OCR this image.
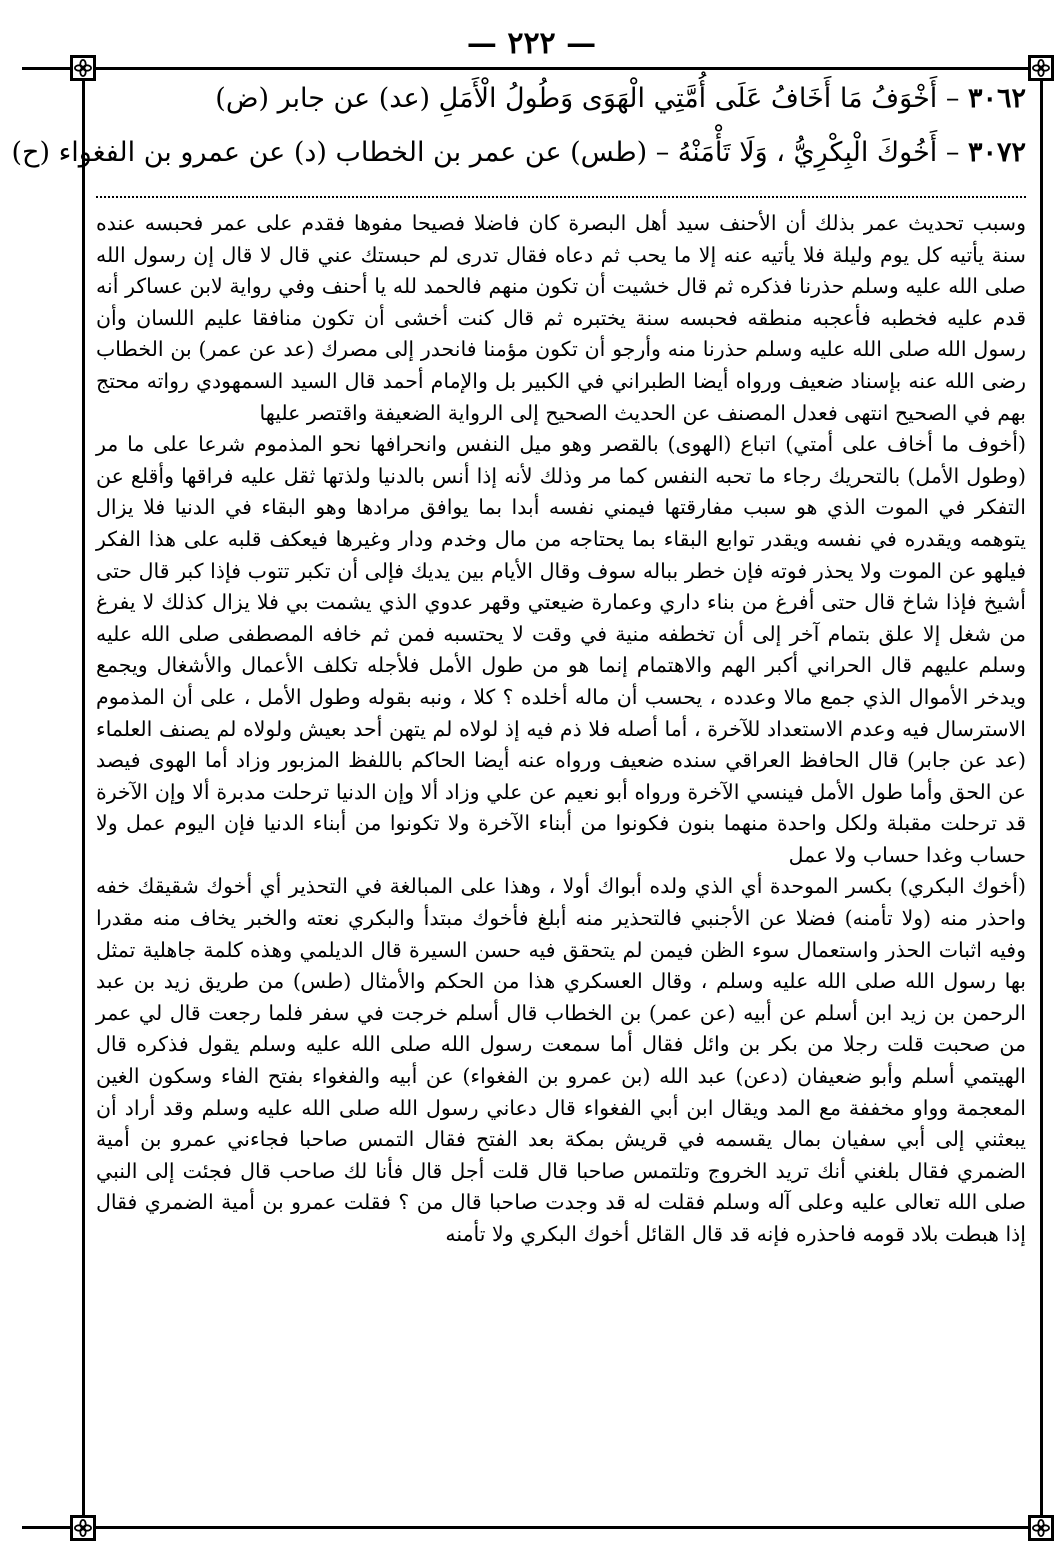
— ٢٢٢ —
٣٠٦٢ – أَخْوَفُ مَا أَخَافُ عَلَى أُمَّتِي الْهَوَى وَطُولُ الْأَمَلِ (عد) عن جابر (ض)
٣٠٧٢ – أَخُوكَ الْبِكْرِيُّ ، وَلَا تَأْمَنْهُ – (طس) عن عمر بن الخطاب (د) عن عمرو بن الفغواء (ح)

وسبب تحديث عمر بذلك أن الأحنف سيد أهل البصرة كان فاضلا فصيحا مفوها فقدم على عمر فحبسه عنده سنة يأتيه كل يوم وليلة فلا يأتيه عنه إلا ما يحب ثم دعاه فقال تدرى لم حبستك عني قال لا قال إن رسول الله صلى الله عليه وسلم حذرنا فذكره ثم قال خشيت أن تكون منهم فالحمد لله يا أحنف وفي رواية لابن عساكر أنه قدم عليه فخطبه فأعجبه منطقه فحبسه سنة يختبره ثم قال كنت أخشى أن تكون منافقا عليم اللسان وأن رسول الله صلى الله عليه وسلم حذرنا منه وأرجو أن تكون مؤمنا فانحدر إلى مصرك (عد عن عمر) بن الخطاب رضى الله عنه بإسناد ضعيف ورواه أيضا الطبراني في الكبير بل والإمام أحمد قال السيد السمهودي رواته محتج بهم في الصحيح انتهى فعدل المصنف عن الحديث الصحيح إلى الرواية الضعيفة واقتصر عليها

(أخوف ما أخاف على أمتي) اتباع (الهوى) بالقصر وهو ميل النفس وانحرافها نحو المذموم شرعا على ما مر (وطول الأمل) بالتحريك رجاء ما تحبه النفس كما مر وذلك لأنه إذا أنس بالدنيا ولذتها ثقل عليه فراقها وأقلع عن التفكر في الموت الذي هو سبب مفارقتها فيمني نفسه أبدا بما يوافق مرادها وهو البقاء في الدنيا فلا يزال يتوهمه ويقدره في نفسه ويقدر توابع البقاء بما يحتاجه من مال وخدم ودار وغيرها فيعكف قلبه على هذا الفكر فيلهو عن الموت ولا يحذر فوته فإن خطر بباله سوف وقال الأيام بين يديك فإلى أن تكبر تتوب فإذا كبر قال حتى أشيخ فإذا شاخ قال حتى أفرغ من بناء داري وعمارة ضيعتي وقهر عدوي الذي يشمت بي فلا يزال كذلك لا يفرغ من شغل إلا علق بتمام آخر إلى أن تخطفه منية في وقت لا يحتسبه فمن ثم خافه المصطفى صلى الله عليه وسلم عليهم قال الحراني أكبر الهم والاهتمام إنما هو من طول الأمل فلأجله تكلف الأعمال والأشغال ويجمع ويدخر الأموال الذي جمع مالا وعدده ، يحسب أن ماله أخلده ؟ كلا ، ونبه بقوله وطول الأمل ، على أن المذموم الاسترسال فيه وعدم الاستعداد للآخرة ، أما أصله فلا ذم فيه إذ لولاه لم يتهن أحد بعيش ولولاه لم يصنف العلماء (عد عن جابر) قال الحافظ العراقي سنده ضعيف ورواه عنه أيضا الحاكم باللفظ المزبور وزاد أما الهوى فيصد عن الحق وأما طول الأمل فينسي الآخرة ورواه أبو نعيم عن علي وزاد ألا وإن الدنيا ترحلت مدبرة ألا وإن الآخرة قد ترحلت مقبلة ولكل واحدة منهما بنون فكونوا من أبناء الآخرة ولا تكونوا من أبناء الدنيا فإن اليوم عمل ولا حساب وغدا حساب ولا عمل

(أخوك البكري) بكسر الموحدة أي الذي ولده أبواك أولا ، وهذا على المبالغة في التحذير أي أخوك شقيقك خفه واحذر منه (ولا تأمنه) فضلا عن الأجنبي فالتحذير منه أبلغ فأخوك مبتدأ والبكري نعته والخبر يخاف منه مقدرا وفيه اثبات الحذر واستعمال سوء الظن فيمن لم يتحقق فيه حسن السيرة قال الديلمي وهذه كلمة جاهلية تمثل بها رسول الله صلى الله عليه وسلم ، وقال العسكري هذا من الحكم والأمثال (طس) من طريق زيد بن عبد الرحمن بن زيد ابن أسلم عن أبيه (عن عمر) بن الخطاب قال أسلم خرجت في سفر فلما رجعت قال لي عمر من صحبت قلت رجلا من بكر بن وائل فقال أما سمعت رسول الله صلى الله عليه وسلم يقول فذكره قال الهيتمي أسلم وأبو ضعيفان (دعن) عبد الله (بن عمرو بن الفغواء) عن أبيه والفغواء بفتح الفاء وسكون الغين المعجمة وواو مخففة مع المد ويقال ابن أبي الفغواء قال دعاني رسول الله صلى الله عليه وسلم وقد أراد أن يبعثني إلى أبي سفيان بمال يقسمه في قريش بمكة بعد الفتح فقال التمس صاحبا فجاءني عمرو بن أمية الضمري فقال بلغني أنك تريد الخروج وتلتمس صاحبا قال قلت أجل قال فأنا لك صاحب قال فجئت إلى النبي صلى الله تعالى عليه وعلى آله وسلم فقلت له قد وجدت صاحبا قال من ؟ فقلت عمرو بن أمية الضمري فقال إذا هبطت بلاد قومه فاحذره فإنه قد قال القائل أخوك البكري ولا تأمنه
